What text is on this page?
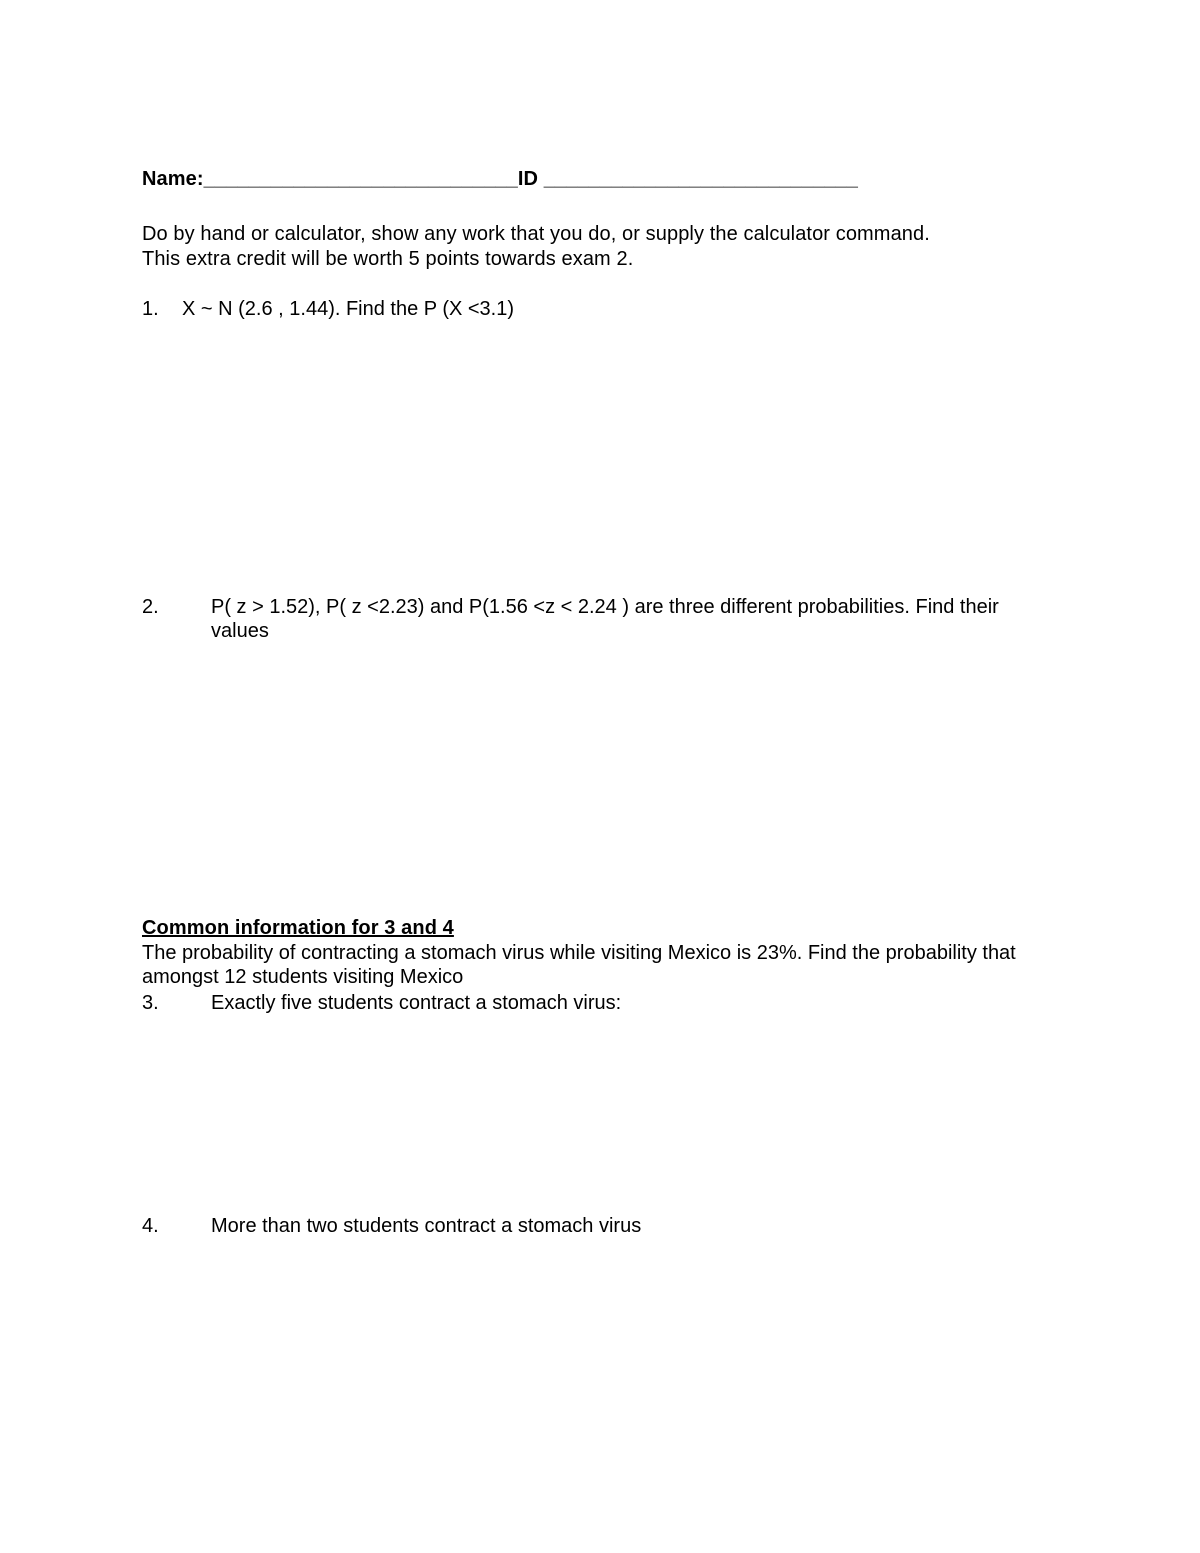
Name:____________________________ID ____________________________
Do by hand or calculator, show any work that you do, or supply the calculator command.
This extra credit will be worth 5 points towards exam 2.
1. X ~ N (2.6 , 1.44). Find the P (X <3.1)
2.	P( z > 1.52), P( z <2.23) and P(1.56 <z < 2.24 ) are three different probabilities. Find their values
Common information for 3 and 4
The probability of contracting a stomach virus while visiting Mexico is 23%. Find the probability that amongst 12 students visiting Mexico
3.	Exactly five students contract a stomach virus:
4.	More than two students contract a stomach virus
